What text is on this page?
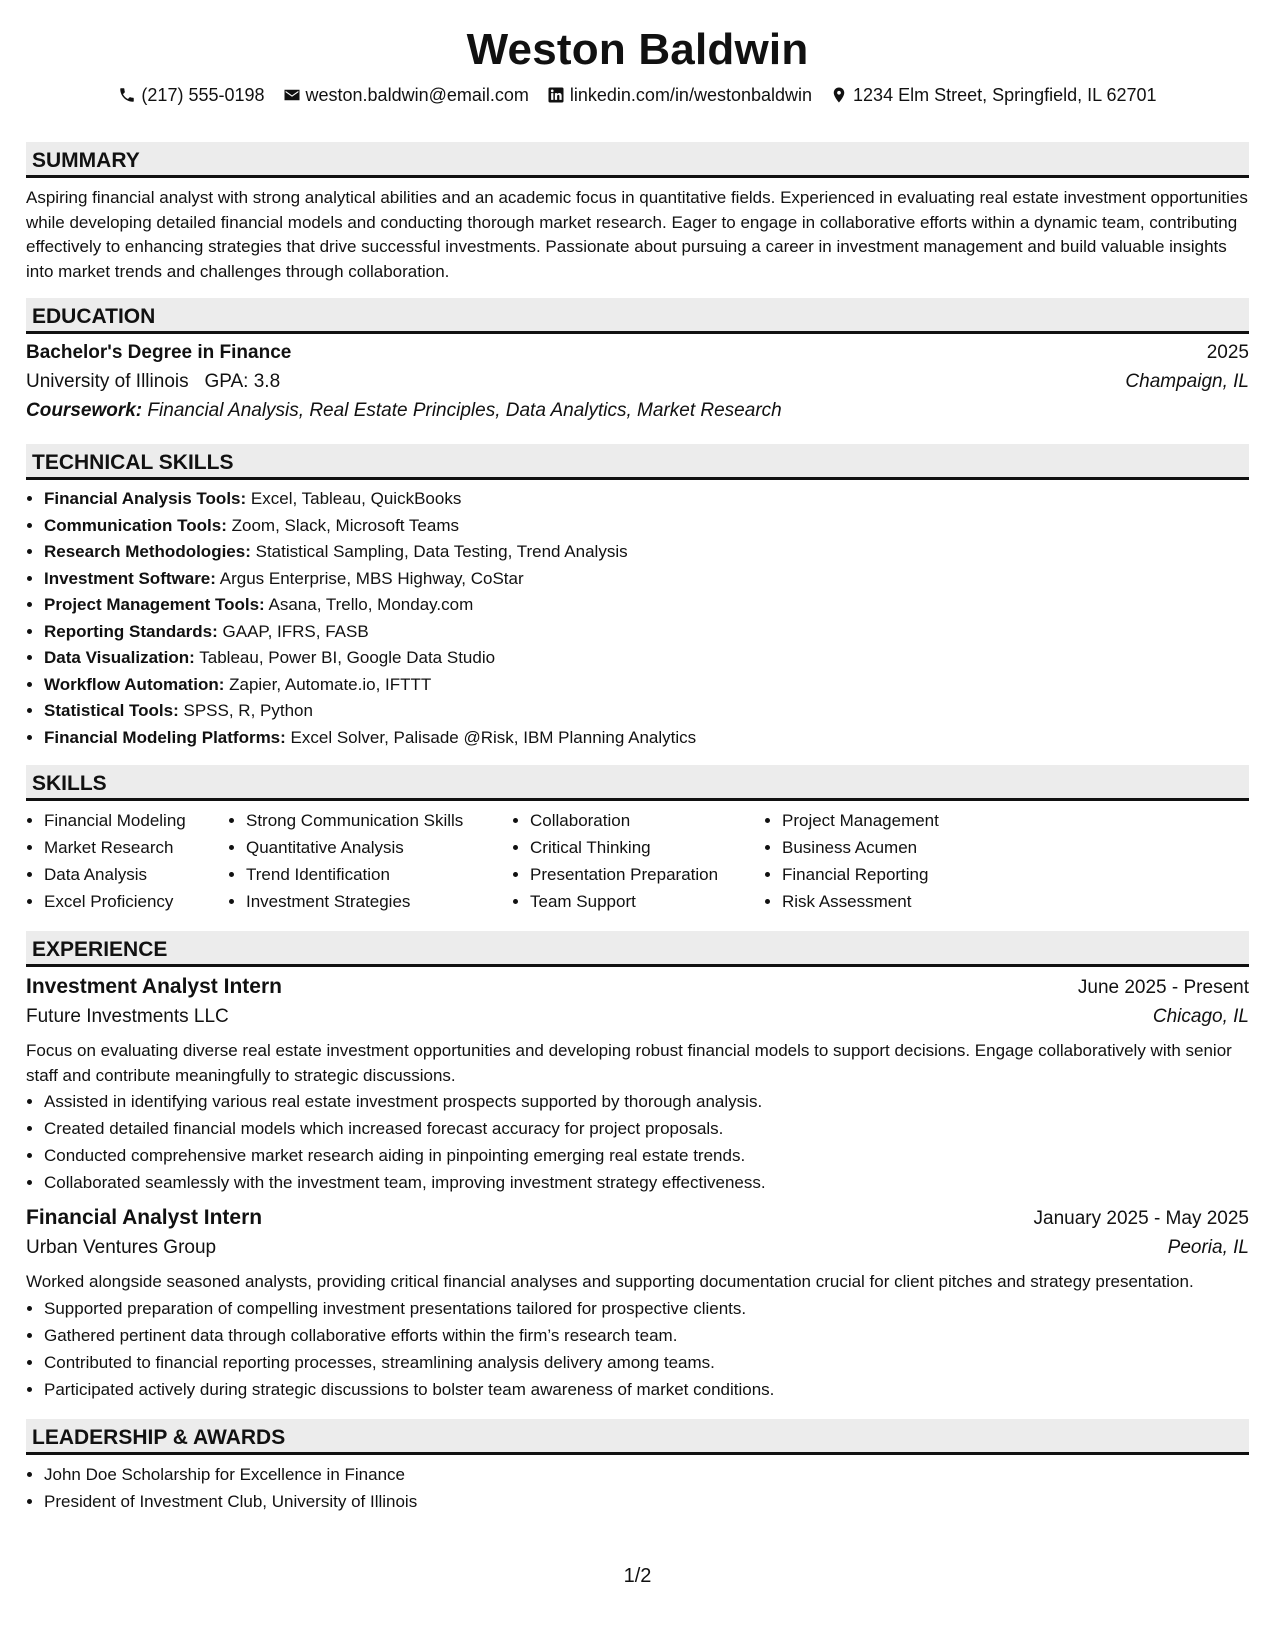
Weston Baldwin
(217) 555-0198 weston.baldwin@email.com linkedin.com/in/westonbaldwin 1234 Elm Street, Springfield, IL 62701
SUMMARY

Aspiring financial analyst with strong analytical abilities and an academic focus in quantitative fields. Experienced in evaluating real estate investment opportunities while developing detailed financial models and conducting thorough market research. Eager to engage in collaborative efforts within a dynamic team, contributing effectively to enhancing strategies that drive successful investments. Passionate about pursuing a career in investment management and build valuable insights into market trends and challenges through collaboration.

EDUCATION
Bachelor's Degree in Finance	2025
University of Illinois GPA: 3.8	Champaign, IL
Coursework: Financial Analysis, Real Estate Principles, Data Analytics, Market Research
TECHNICAL SKILLS
• Financial Analysis Tools: Excel, Tableau, QuickBooks
• Communication Tools: Zoom, Slack, Microsoft Teams
• Research Methodologies: Statistical Sampling, Data Testing, Trend Analysis
• Investment Software: Argus Enterprise, MBS Highway, CoStar
• Project Management Tools: Asana, Trello, Monday.com
• Reporting Standards: GAAP, IFRS, FASB
• Data Visualization: Tableau, Power BI, Google Data Studio
• Workflow Automation: Zapier, Automate.io, IFTTT
• Statistical Tools: SPSS, R, Python
• Financial Modeling Platforms: Excel Solver, Palisade @Risk, IBM Planning Analytics
SKILLS
• Financial Modeling
• Market Research
• Data Analysis
• Excel Proficiency
• Strong Communication Skills
• Quantitative Analysis
• Trend Identification
• Investment Strategies
• Collaboration
• Critical Thinking
• Presentation Preparation
• Team Support
• Project Management
• Business Acumen
• Financial Reporting
• Risk Assessment
EXPERIENCE
Investment Analyst Intern	June 2025 - Present
Future Investments LLC	Chicago, IL

Focus on evaluating diverse real estate investment opportunities and developing robust financial models to support decisions. Engage collaboratively with senior staff and contribute meaningfully to strategic discussions.

• Assisted in identifying various real estate investment prospects supported by thorough analysis.
• Created detailed financial models which increased forecast accuracy for project proposals.
• Conducted comprehensive market research aiding in pinpointing emerging real estate trends.
• Collaborated seamlessly with the investment team, improving investment strategy effectiveness.
Financial Analyst Intern	January 2025 - May 2025
Urban Ventures Group	Peoria, IL

Worked alongside seasoned analysts, providing critical financial analyses and supporting documentation crucial for client pitches and strategy presentation.

• Supported preparation of compelling investment presentations tailored for prospective clients.
• Gathered pertinent data through collaborative efforts within the firm’s research team.
• Contributed to financial reporting processes, streamlining analysis delivery among teams.
• Participated actively during strategic discussions to bolster team awareness of market conditions.
LEADERSHIP & AWARDS
• John Doe Scholarship for Excellence in Finance
• President of Investment Club, University of Illinois
1/2
